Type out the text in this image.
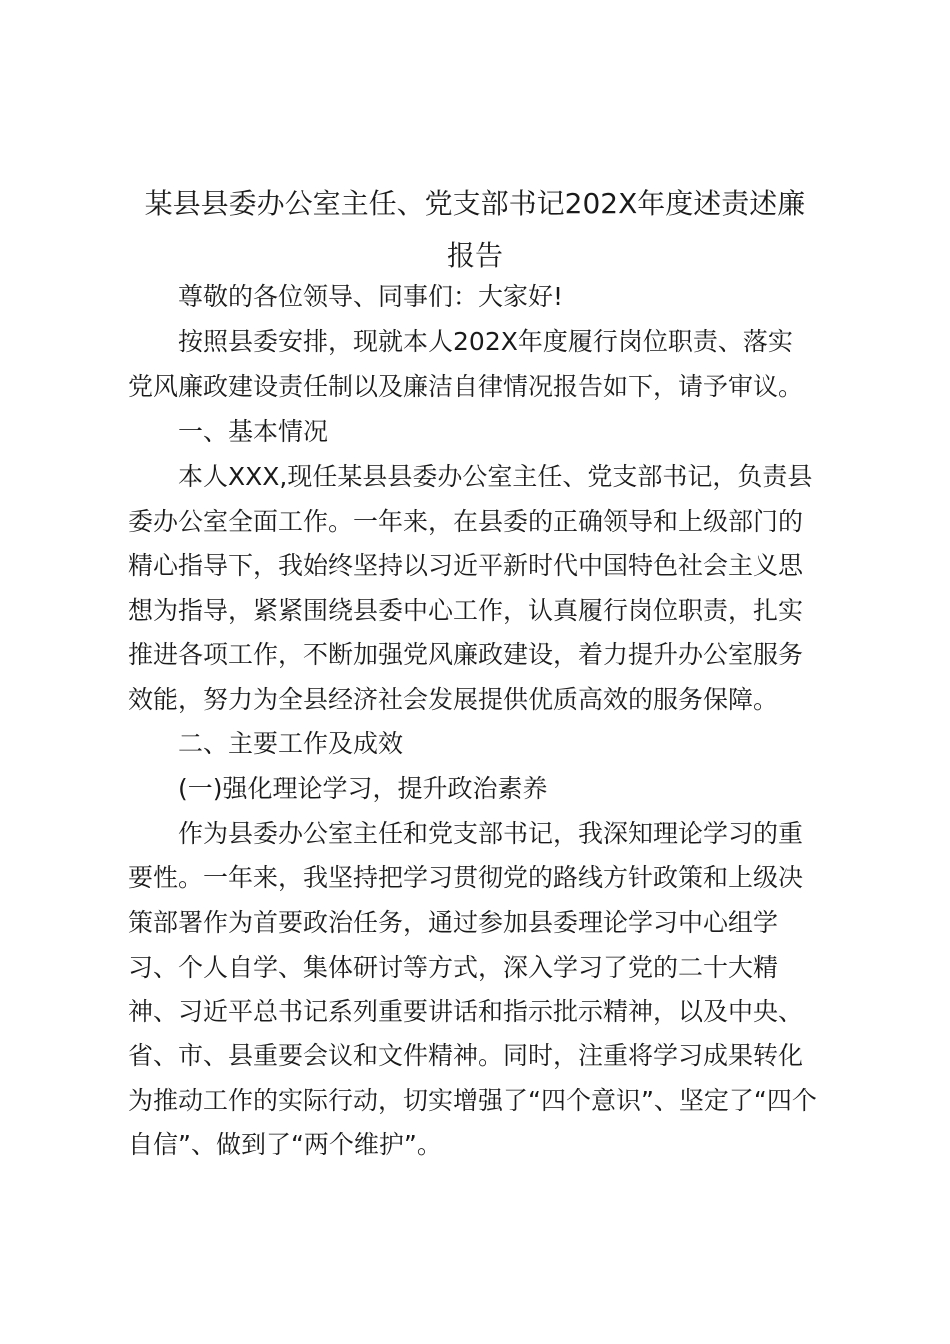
某县县委办公室主任、党支部书记202X年度述责述廉
报告
尊敬的各位领导、同事们：大家好!
按照县委安排，现就本人202X年度履行岗位职责、落实
党风廉政建设责任制以及廉洁自律情况报告如下，请予审议。
一、基本情况
本人XXX,现任某县县委办公室主任、党支部书记，负责县
委办公室全面工作。一年来，在县委的正确领导和上级部门的
精心指导下，我始终坚持以习近平新时代中国特色社会主义思
想为指导，紧紧围绕县委中心工作，认真履行岗位职责，扎实
推进各项工作，不断加强党风廉政建设，着力提升办公室服务
效能，努力为全县经济社会发展提供优质高效的服务保障。
二、主要工作及成效
(一)强化理论学习，提升政治素养
作为县委办公室主任和党支部书记，我深知理论学习的重
要性。一年来，我坚持把学习贯彻党的路线方针政策和上级决
策部署作为首要政治任务，通过参加县委理论学习中心组学
习、个人自学、集体研讨等方式，深入学习了党的二十大精
神、习近平总书记系列重要讲话和指示批示精神，以及中央、
省、市、县重要会议和文件精神。同时，注重将学习成果转化
为推动工作的实际行动，切实增强了“四个意识”、坚定了“四个
自信”、做到了“两个维护”。
